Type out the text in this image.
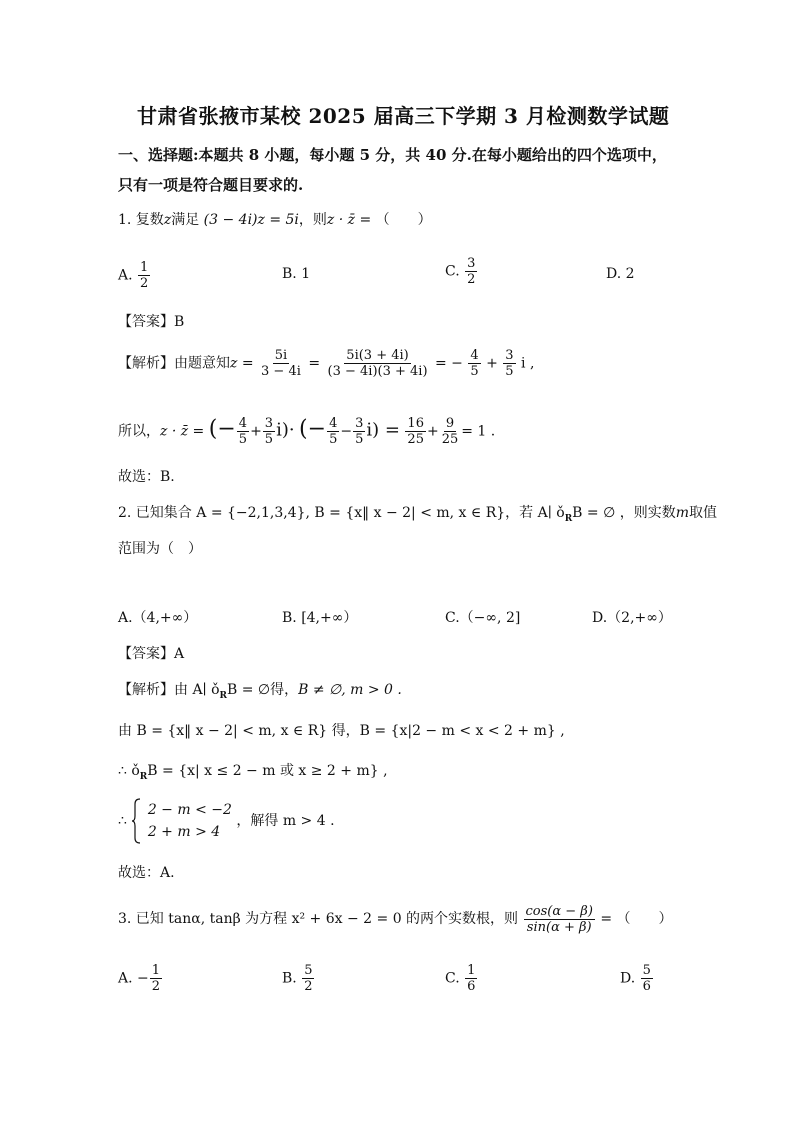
甘肃省张掖市某校 2025 届高三下学期 3 月检测数学试题
一、选择题:本题共 8 小题，每小题 5 分，共 40 分.在每小题给出的四个选项中，
只有一项是符合题目要求的.
1. 复数z满足 (3 − 4i)z = 5i，则z · z̄ = （　　）
A. $\frac{1}{2}$	B. 1	C. $\frac{3}{2}$	D. 2
【答案】B
【解析】由题意知$z = \frac{5i}{3 - 4i} = \frac{5i(3 + 4i)}{(3 - 4i)(3 + 4i)}$ = − $\frac{4}{5} + \frac{3}{5}$ i ,
所以，z · z̄ = (− $\frac{4}{5} + \frac{3}{5} i)\cdot$ (− $\frac{4}{5} - \frac{3}{5} i) = \frac{16}{25} + \frac{9}{25} = 1$ .
故选：B.
2. 已知集合 A = {−2,1,3,4}, B = {x‖ x − 2| < m, x ∈ R}，若 A∣ $ǒ_RB$ = ∅ ，则实数m取值
范围为（　）
A.（4,+∞）	B. [4,+∞）	C.（−∞, 2]	D.（2,+∞）
【答案】A
【解析】由 A∣ $ǒ_RB$ = ∅得，B ≠ ∅, m > 0 .
由 B = {x‖ x − 2| < m, x ∈ R} 得，B = {x|2 − m < x < 2 + m} ,
∴ $ǒ_RB = \{x|$ x ≤ 2 − m 或 x ≥ 2 + m} ,
∴
2 − m < −2
2 + m > 4
，解得 m > 4 .
故选：A.
3. 已知 tanα, tanβ 为方程 x² + 6x − 2 = 0 的两个实数根，则 $\frac{\cos(\alpha - \beta)}{\sin(\alpha + \beta)}$ = （　　）
A. − $\frac{1}{2}$	B. $\frac{5}{2}$	C. $\frac{1}{6}$	D. $\frac{5}{6}$
